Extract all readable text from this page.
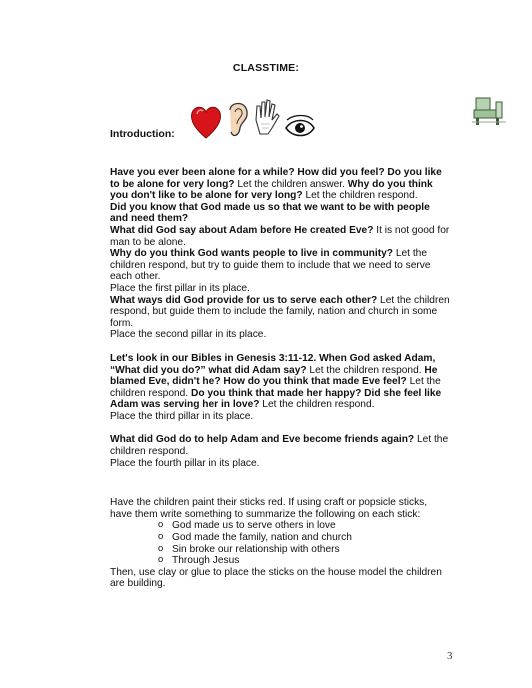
CLASSTIME:
Introduction:

Have you ever been alone for a while? How did you feel? Do you like to be alone for very long? Let the children answer. Why do you think you don't like to be alone for very long? Let the children respond.

Did you know that God made us so that we want to be with people and need them?

What did God say about Adam before He created Eve? It is not good for man to be alone.

Why do you think God wants people to live in community? Let the children respond, but try to guide them to include that we need to serve each other.

Place the first pillar in its place.

What ways did God provide for us to serve each other? Let the children respond, but guide them to include the family, nation and church in some form.

Place the second pillar in its place.

Let's look in our Bibles in Genesis 3:11-12. When God asked Adam, “What did you do?” what did Adam say? Let the children respond. He blamed Eve, didn't he? How do you think that made Eve feel? Let the children respond. Do you think that made her happy? Did she feel like Adam was serving her in love? Let the children respond.

Place the third pillar in its place.

What did God do to help Adam and Eve become friends again? Let the children respond.

Place the fourth pillar in its place.

Have the children paint their sticks red. If using craft or popsicle sticks, have them write something to summarize the following on each stick:

o God made us to serve others in love
o God made the family, nation and church
o Sin broke our relationship with others
o Through Jesus

Then, use clay or glue to place the sticks on the house model the children are building.

3
